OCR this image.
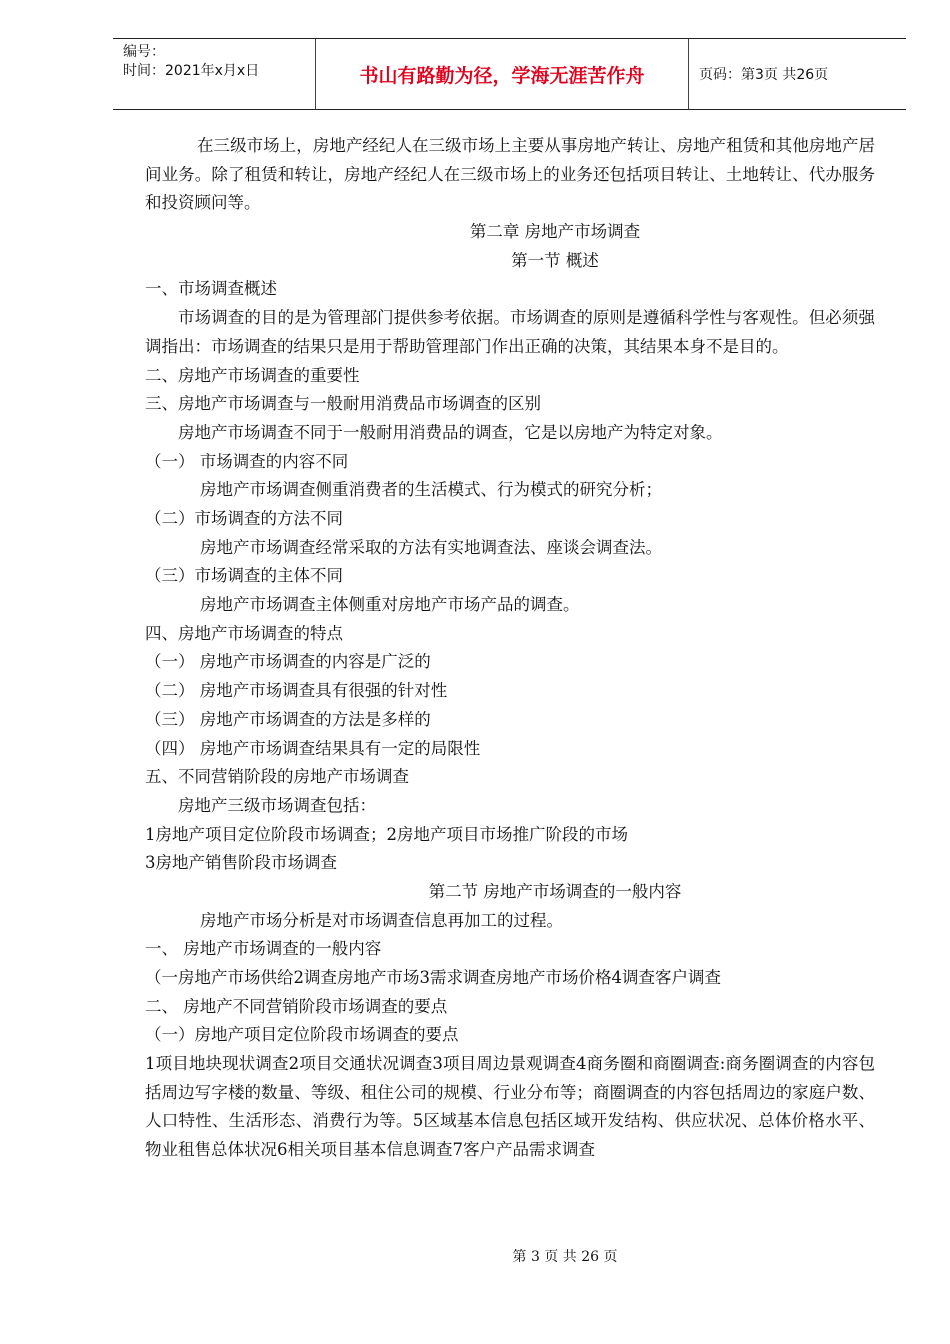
编号：
时间：2021年x月x日	书山有路勤为径，学海无涯苦作舟	页码：第3页 共26页
在三级市场上，房地产经纪人在三级市场上主要从事房地产转让、房地产租赁和其他房地产居间业务。除了租赁和转让，房地产经纪人在三级市场上的业务还包括项目转让、土地转让、代办服务和投资顾问等。
第二章 房地产市场调查
第一节 概述
一、市场调查概述
市场调查的目的是为管理部门提供参考依据。市场调查的原则是遵循科学性与客观性。但必须强调指出：市场调查的结果只是用于帮助管理部门作出正确的决策，其结果本身不是目的。
二、房地产市场调查的重要性
三、房地产市场调查与一般耐用消费品市场调查的区别
房地产市场调查不同于一般耐用消费品的调查，它是以房地产为特定对象。
（一） 市场调查的内容不同
房地产市场调查侧重消费者的生活模式、行为模式的研究分析；
（二）市场调查的方法不同
房地产市场调查经常采取的方法有实地调查法、座谈会调查法。
（三）市场调查的主体不同
房地产市场调查主体侧重对房地产市场产品的调查。
四、房地产市场调查的特点
（一） 房地产市场调查的内容是广泛的
（二） 房地产市场调查具有很强的针对性
（三） 房地产市场调查的方法是多样的
（四） 房地产市场调查结果具有一定的局限性
五、不同营销阶段的房地产市场调查
房地产三级市场调查包括：
1房地产项目定位阶段市场调查；2房地产项目市场推广阶段的市场
3房地产销售阶段市场调查
第二节 房地产市场调查的一般内容
房地产市场分析是对市场调查信息再加工的过程。
一、 房地产市场调查的一般内容
（一房地产市场供给2调查房地产市场3需求调查房地产市场价格4调查客户调查
二、 房地产不同营销阶段市场调查的要点
（一）房地产项目定位阶段市场调查的要点
1项目地块现状调查2项目交通状况调查3项目周边景观调查4商务圈和商圈调查:商务圈调查的内容包括周边写字楼的数量、等级、租住公司的规模、行业分布等；商圈调查的内容包括周边的家庭户数、人口特性、生活形态、消费行为等。5区域基本信息包括区域开发结构、供应状况、总体价格水平、物业租售总体状况6相关项目基本信息调查7客户产品需求调查
第 3 页 共 26 页
